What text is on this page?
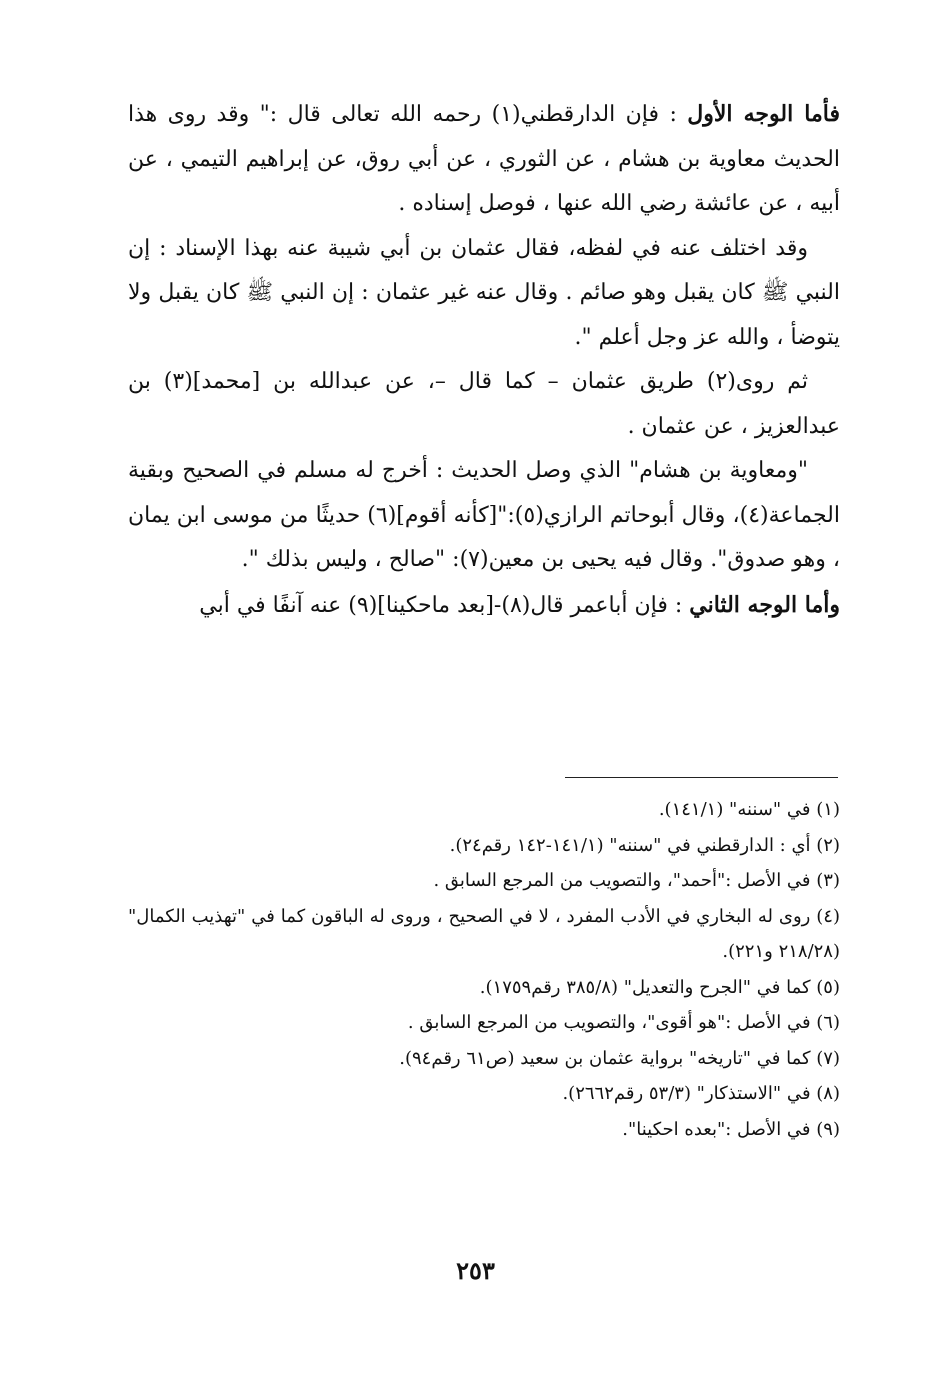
فأما الوجه الأول : فإن الدارقطني(١) رحمه الله تعالى قال :" وقد روى هذا الحديث معاوية بن هشام ، عن الثوري ، عن أبي روق، عن إبراهيم التيمي ، عن أبيه ، عن عائشة رضي الله عنها ، فوصل إسناده .

وقد اختلف عنه في لفظه، فقال عثمان بن أبي شيبة عنه بهذا الإسناد : إن النبي ﷺ كان يقبل وهو صائم . وقال عنه غير عثمان : إن النبي ﷺ كان يقبل ولا يتوضأ ، والله عز وجل أعلم ".

ثم روى(٢) طريق عثمان – كما قال –، عن عبدالله بن [محمد](٣) بن عبدالعزيز ، عن عثمان .

"ومعاوية بن هشام" الذي وصل الحديث : أخرج له مسلم في الصحيح وبقية الجماعة(٤)، وقال أبوحاتم الرازي(٥):"[كأنه أقوم](٦) حديثًا من موسى ابن يمان ، وهو صدوق". وقال فيه يحيى بن معين(٧): "صالح ، وليس بذلك ".

وأما الوجه الثاني : فإن أباعمر قال(٨)-[بعد ماحكينا](٩) عنه آنفًا في أبي

(١) في "سننه" (١٤١/١).

(٢) أي : الدارقطني في "سننه" (١٤١/١-١٤٢ رقم٢٤).

(٣) في الأصل :"أحمد"، والتصويب من المرجع السابق .

(٤) روى له البخاري في الأدب المفرد ، لا في الصحيح ، وروى له الباقون كما في "تهذيب الكمال" (٢١٨/٢٨ و٢٢١).

(٥) كما في "الجرح والتعديل" (٣٨٥/٨ رقم١٧٥٩).

(٦) في الأصل :"هو أقوى"، والتصويب من المرجع السابق .

(٧) كما في "تاريخه" برواية عثمان بن سعيد (ص٦١ رقم٩٤).

(٨) في "الاستذكار" (٥٣/٣ رقم٢٦٦٢).

(٩) في الأصل :"بعده احكينا".

٢٥٣
